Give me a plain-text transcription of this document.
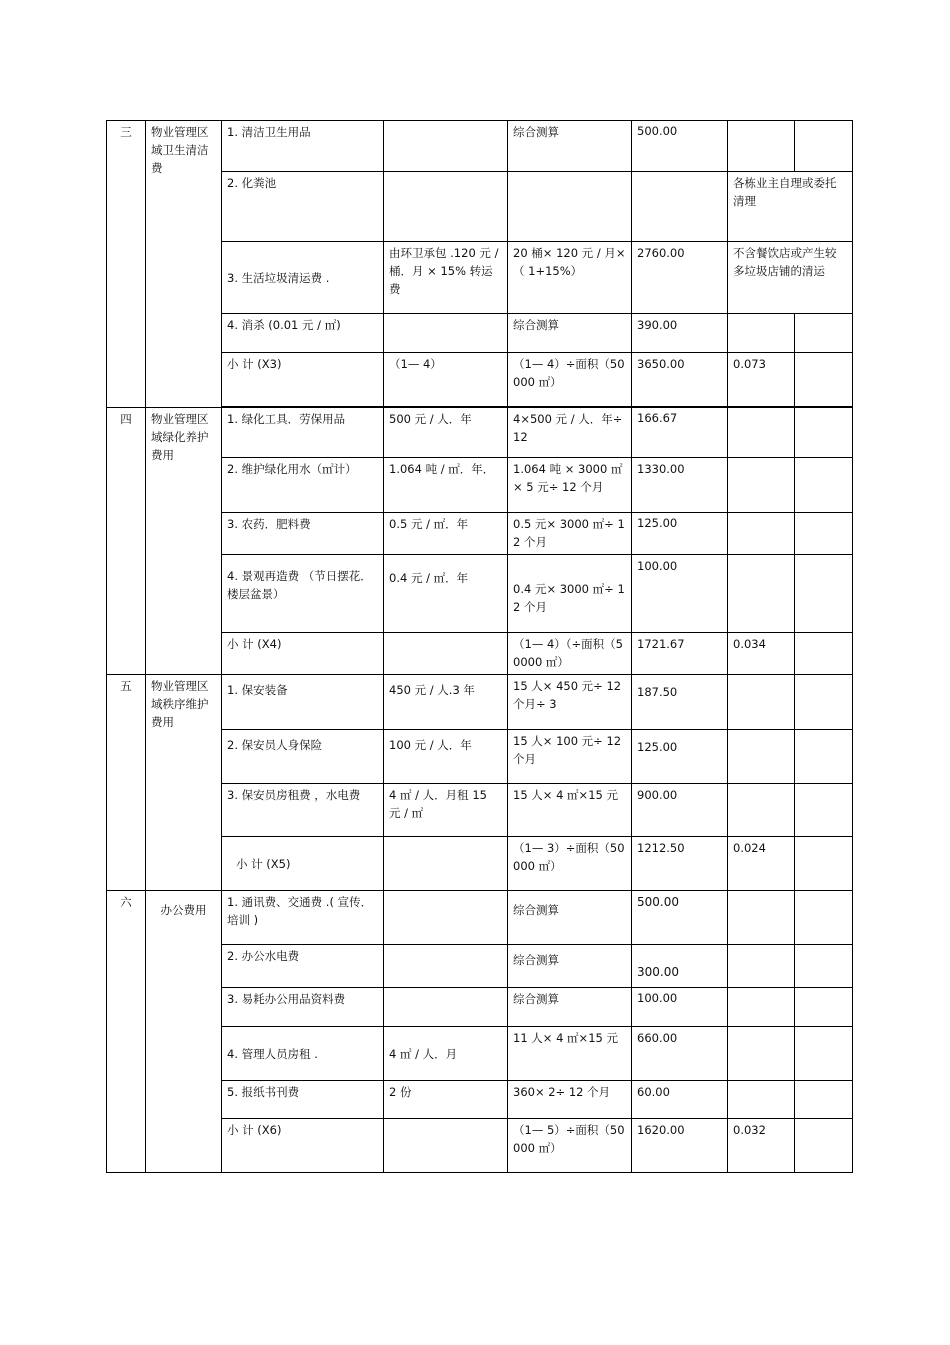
三	物业管理区域卫生清洁费	1. 清洁卫生用品		综合测算	500.00		
		2. 化粪池				各栋业主自理或委托清理	
		3. 生活垃圾清运费 .	由环卫承包 .120 元 / 桶．月 × 15% 转运费	20 桶× 120 元 / 月×（ 1+15%）	2760.00	不含餐饮店或产生较多垃圾店铺的清运	
		4. 消杀 (0.01 元 / ㎡)		综合测算	390.00		
		小 计 (X3)	（1— 4）	（1— 4）÷面积（50000 ㎡）	3650.00	0.073	

四	物业管理区域绿化养护费用	1. 绿化工具．劳保用品	500 元 / 人．年	4×500 元 / 人．年÷ 12	166.67		
		2. 维护绿化用水（㎡计）	1.064 吨 / ㎡．年．	1.064 吨 × 3000 ㎡× 5 元÷ 12 个月	1330.00		
		3. 农药．肥料费	0.5 元 / ㎡．年	0.5 元× 3000 ㎡÷ 12 个月	125.00		
		4. 景观再造费 （节日摆花．楼层盆景）	0.4 元 / ㎡．年	0.4 元× 3000 ㎡÷ 12 个月	100.00		
		小 计 (X4)		（1— 4）（÷面积（50000 ㎡）	1721.67	0.034	
五	物业管理区域秩序维护费用	1. 保安装备	450 元 / 人.3 年	15 人× 450 元÷ 12 个月÷ 3	187.50		
		2. 保安员人身保险	100 元 / 人．年	15 人× 100 元÷ 12 个月	125.00		
		3. 保安员房租费 ，水电费	4 ㎡ / 人．月租 15 元 / ㎡	15 人× 4 ㎡×15 元	900.00		
		小 计 (X5)		（1— 3）÷面积（50000 ㎡）	1212.50	0.024	
六	办公费用	1. 通讯费、交通费 .( 宣传．培训 )		综合测算	500.00		
		2. 办公水电费		综合测算	300.00		
		3. 易耗办公用品资料费		综合测算	100.00		
		4. 管理人员房租 .	4 ㎡ / 人．月	11 人× 4 ㎡×15 元	660.00		
		5. 报纸书刊费	2 份	360× 2÷ 12 个月	60.00		
		小 计 (X6)		（1— 5）÷面积（50000 ㎡）	1620.00	0.032	
